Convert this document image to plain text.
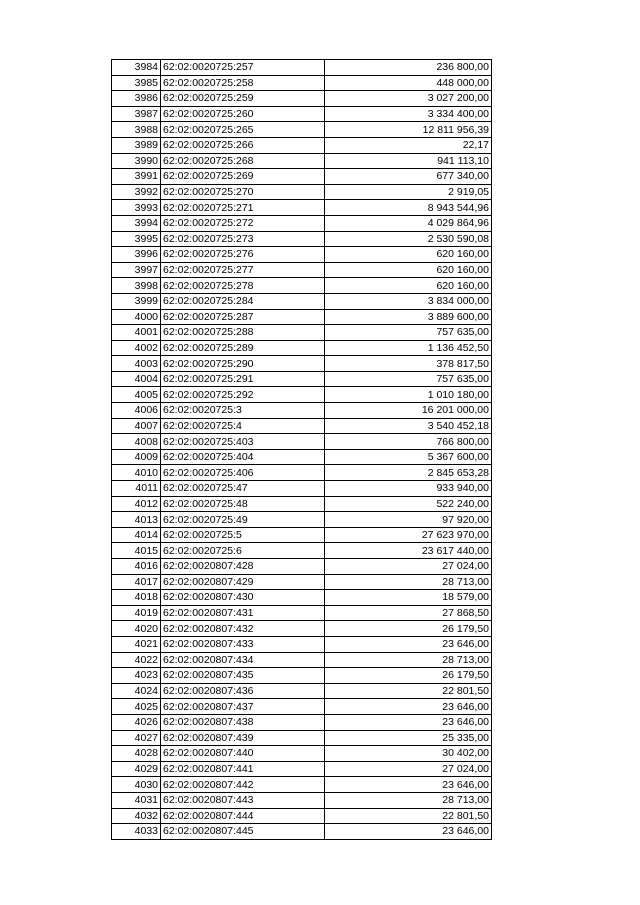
3984	62:02:0020725:257	236 800,00
3985	62:02:0020725:258	448 000,00
3986	62:02:0020725:259	3 027 200,00
3987	62:02:0020725:260	3 334 400,00
3988	62:02:0020725:265	12 811 956,39
3989	62:02:0020725:266	22,17
3990	62:02:0020725:268	941 113,10
3991	62:02:0020725:269	677 340,00
3992	62:02:0020725:270	2 919,05
3993	62:02:0020725:271	8 943 544,96
3994	62:02:0020725:272	4 029 864,96
3995	62:02:0020725:273	2 530 590,08
3996	62:02:0020725:276	620 160,00
3997	62:02:0020725:277	620 160,00
3998	62:02:0020725:278	620 160,00
3999	62:02:0020725:284	3 834 000,00
4000	62:02:0020725:287	3 889 600,00
4001	62:02:0020725:288	757 635,00
4002	62:02:0020725:289	1 136 452,50
4003	62:02:0020725:290	378 817,50
4004	62:02:0020725:291	757 635,00
4005	62:02:0020725:292	1 010 180,00
4006	62:02:0020725:3	16 201 000,00
4007	62:02:0020725:4	3 540 452,18
4008	62:02:0020725:403	766 800,00
4009	62:02:0020725:404	5 367 600,00
4010	62:02:0020725:406	2 845 653,28
4011	62:02:0020725:47	933 940,00
4012	62:02:0020725:48	522 240,00
4013	62:02:0020725:49	97 920,00
4014	62:02:0020725:5	27 623 970,00
4015	62:02:0020725:6	23 617 440,00
4016	62:02:0020807:428	27 024,00
4017	62:02:0020807:429	28 713,00
4018	62:02:0020807:430	18 579,00
4019	62:02:0020807:431	27 868,50
4020	62:02:0020807:432	26 179,50
4021	62:02:0020807:433	23 646,00
4022	62:02:0020807:434	28 713,00
4023	62:02:0020807:435	26 179,50
4024	62:02:0020807:436	22 801,50
4025	62:02:0020807:437	23 646,00
4026	62:02:0020807:438	23 646,00
4027	62:02:0020807:439	25 335,00
4028	62:02:0020807:440	30 402,00
4029	62:02:0020807:441	27 024,00
4030	62:02:0020807:442	23 646,00
4031	62:02:0020807:443	28 713,00
4032	62:02:0020807:444	22 801,50
4033	62:02:0020807:445	23 646,00
